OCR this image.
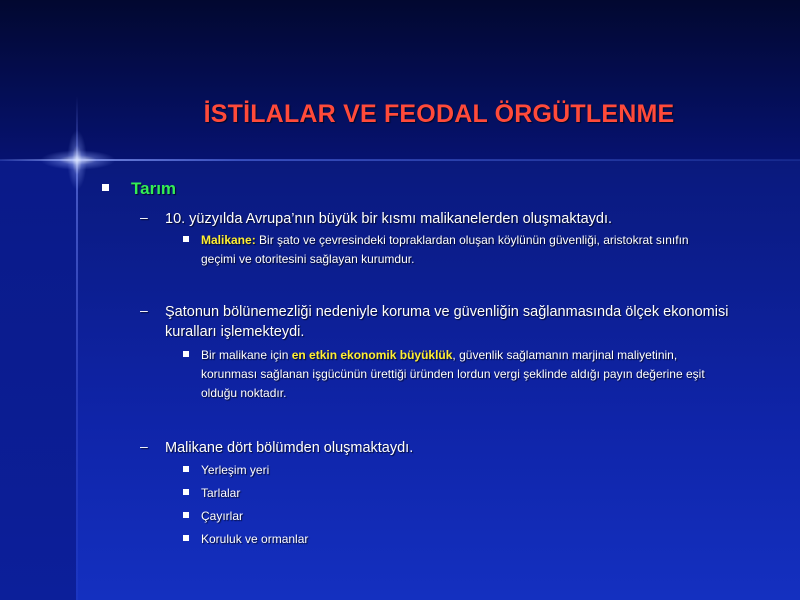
İSTİLALAR VE FEODAL ÖRGÜTLENME
Tarım
– 10. yüzyılda Avrupa’nın büyük bir kısmı malikanelerden oluşmaktaydı.
Malikane: Bir şato ve çevresindeki topraklardan oluşan köylünün güvenliği, aristokrat sınıfın
geçimi ve otoritesini sağlayan kurumdur.
– Şatonun bölünemezliği nedeniyle koruma ve güvenliğin sağlanmasında ölçek ekonomisi
kuralları işlemekteydi.
Bir malikane için en etkin ekonomik büyüklük, güvenlik sağlamanın marjinal maliyetinin,
korunması sağlanan işgücünün ürettiği üründen lordun vergi şeklinde aldığı payın değerine eşit
olduğu noktadır.
– Malikane dört bölümden oluşmaktaydı.
Yerleşim yeri
Tarlalar
Çayırlar
Koruluk ve ormanlar
